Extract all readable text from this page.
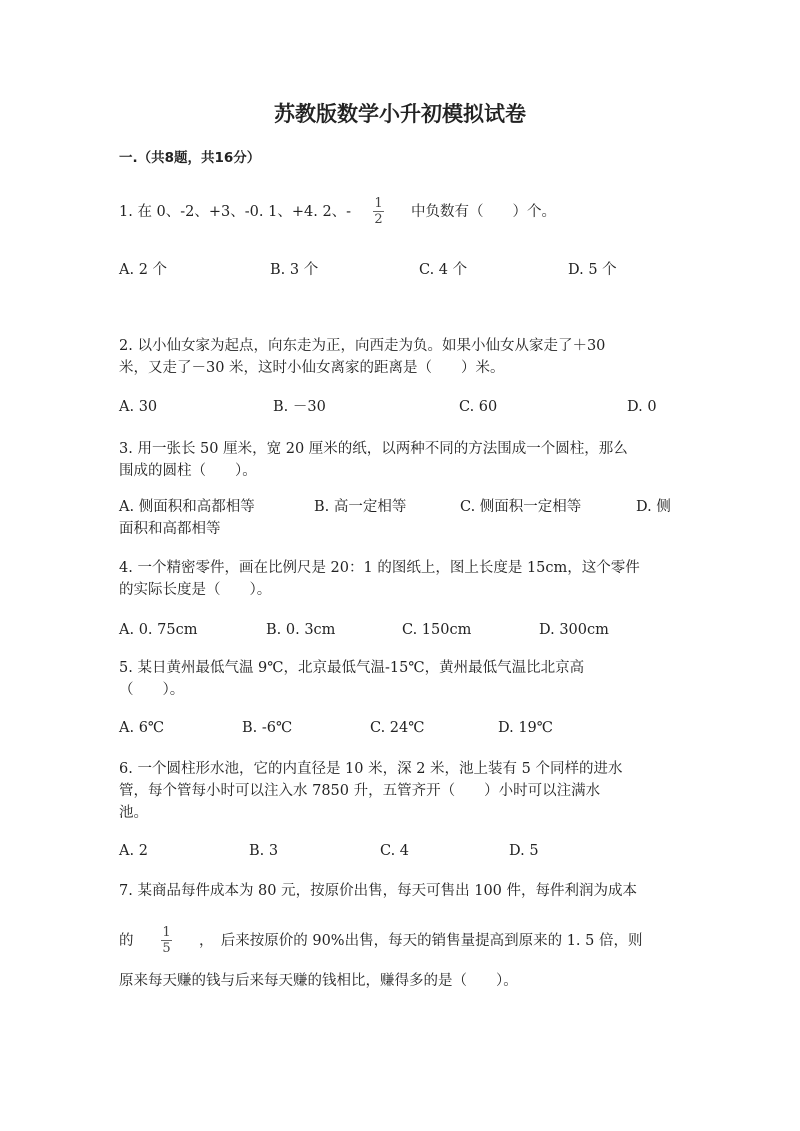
苏教版数学小升初模拟试卷
一.（共8题，共16分）
1. 在 0、-2、+3、-0. 1、+4. 2、-
1
2 中负数有（　　）个。
A. 2 个	B. 3 个	C. 4 个	D. 5 个
2. 以小仙女家为起点，向东走为正，向西走为负。如果小仙女从家走了＋30
米，又走了－30 米，这时小仙女离家的距离是（　　）米。
A. 30	B. －30	C. 60	D. 0
3. 用一张长 50 厘米，宽 20 厘米的纸，以两种不同的方法围成一个圆柱，那么
围成的圆柱（　　）。
A. 侧面积和高都相等	B. 高一定相等	C. 侧面积一定相等	D. 侧
面积和高都相等
4. 一个精密零件，画在比例尺是 20：1 的图纸上，图上长度是 15cm，这个零件
的实际长度是（　　）。
A. 0. 75cm	B. 0. 3cm	C. 150cm	D. 300cm
5. 某日黄州最低气温 9℃，北京最低气温-15℃，黄州最低气温比北京高
（　　）。
A. 6℃	B. -6℃	C. 24℃	D. 19℃
6. 一个圆柱形水池，它的内直径是 10 米，深 2 米，池上装有 5 个同样的进水
管，每个管每小时可以注入水 7850 升，五管齐开（　　）小时可以注满水
池。
A. 2	B. 3	C. 4	D. 5
7. 某商品每件成本为 80 元，按原价出售，每天可售出 100 件，每件利润为成本
的
1
5 ，　后来按原价的 90%出售，每天的销售量提高到原来的 1. 5 倍，则
原来每天赚的钱与后来每天赚的钱相比，赚得多的是（　　）。
